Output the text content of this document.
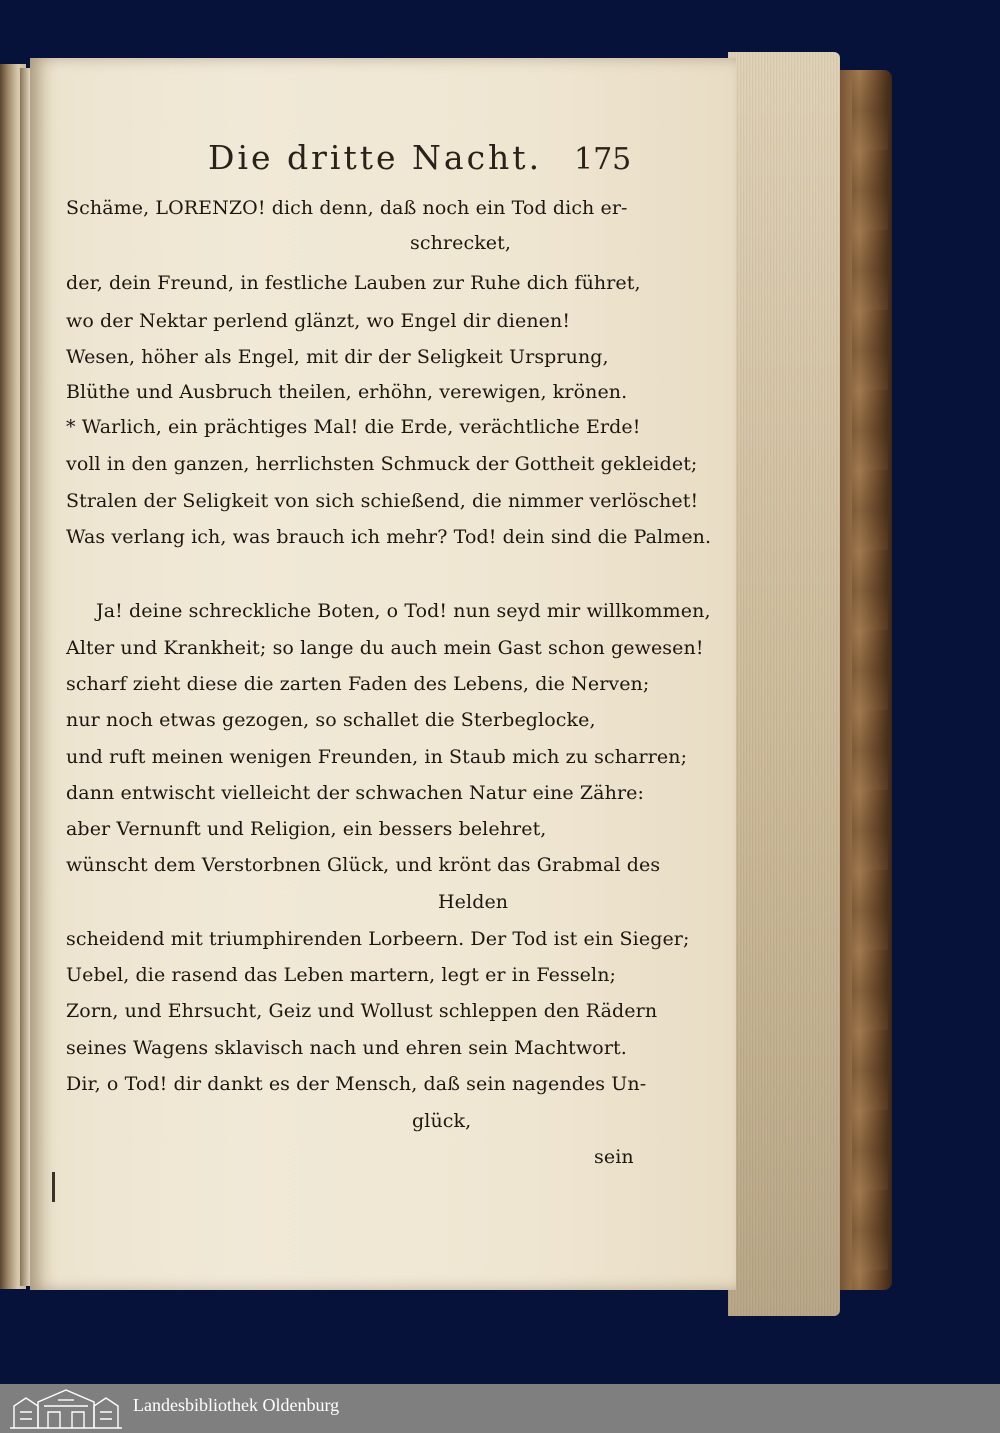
Die dritte Nacht. 175
Schäme, LORENZO! dich denn, daß noch ein Tod dich er-
schrecket,
der, dein Freund, in festliche Lauben zur Ruhe dich führet,
wo der Nektar perlend glänzt, wo Engel dir dienen!
Wesen, höher als Engel, mit dir der Seligkeit Ursprung,
Blüthe und Ausbruch theilen, erhöhn, verewigen, krönen.
* Warlich, ein prächtiges Mal! die Erde, verächtliche Erde!
voll in den ganzen, herrlichsten Schmuck der Gottheit gekleidet;
Stralen der Seligkeit von sich schießend, die nimmer verlöschet!
Was verlang ich, was brauch ich mehr? Tod! dein sind die Palmen.
Ja! deine schreckliche Boten, o Tod! nun seyd mir willkommen,
Alter und Krankheit; so lange du auch mein Gast schon gewesen!
scharf zieht diese die zarten Faden des Lebens, die Nerven;
nur noch etwas gezogen, so schallet die Sterbeglocke,
und ruft meinen wenigen Freunden, in Staub mich zu scharren;
dann entwischt vielleicht der schwachen Natur eine Zähre:
aber Vernunft und Religion, ein bessers belehret,
wünscht dem Verstorbnen Glück, und krönt das Grabmal des
Helden
scheidend mit triumphirenden Lorbeern. Der Tod ist ein Sieger;
Uebel, die rasend das Leben martern, legt er in Fesseln;
Zorn, und Ehrsucht, Geiz und Wollust schleppen den Rädern
seines Wagens sklavisch nach und ehren sein Machtwort.
Dir, o Tod! dir dankt es der Mensch, daß sein nagendes Un-
glück,
sein
Landesbibliothek Oldenburg
